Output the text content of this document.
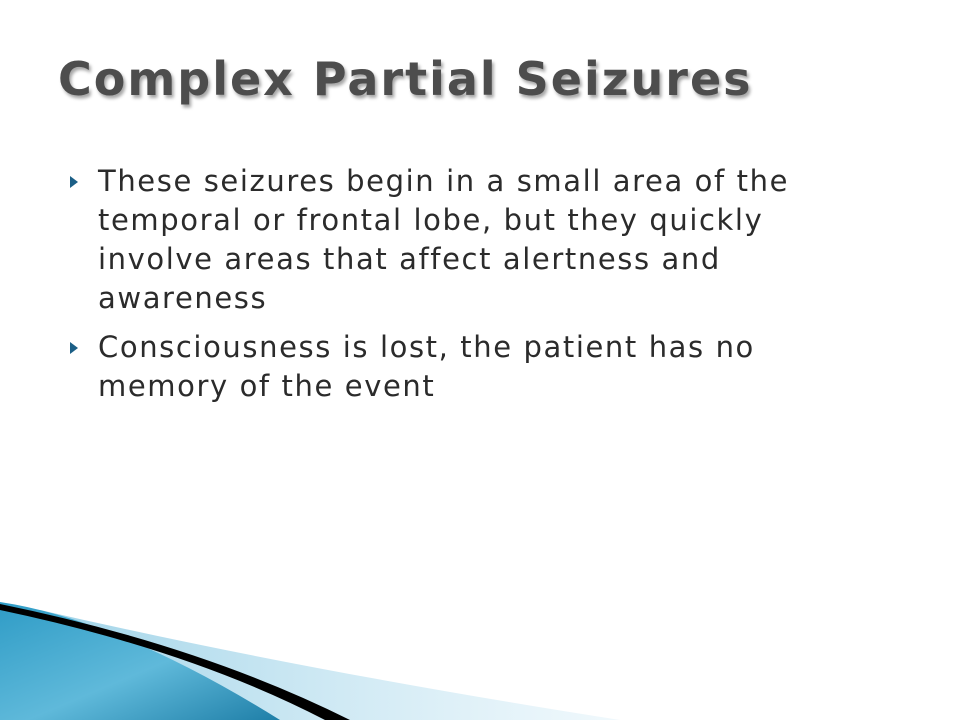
Complex Partial Seizures
These seizures begin in a small area of the temporal or frontal lobe, but they quickly involve areas that affect alertness and awareness
Consciousness is lost, the patient has no memory of the event
